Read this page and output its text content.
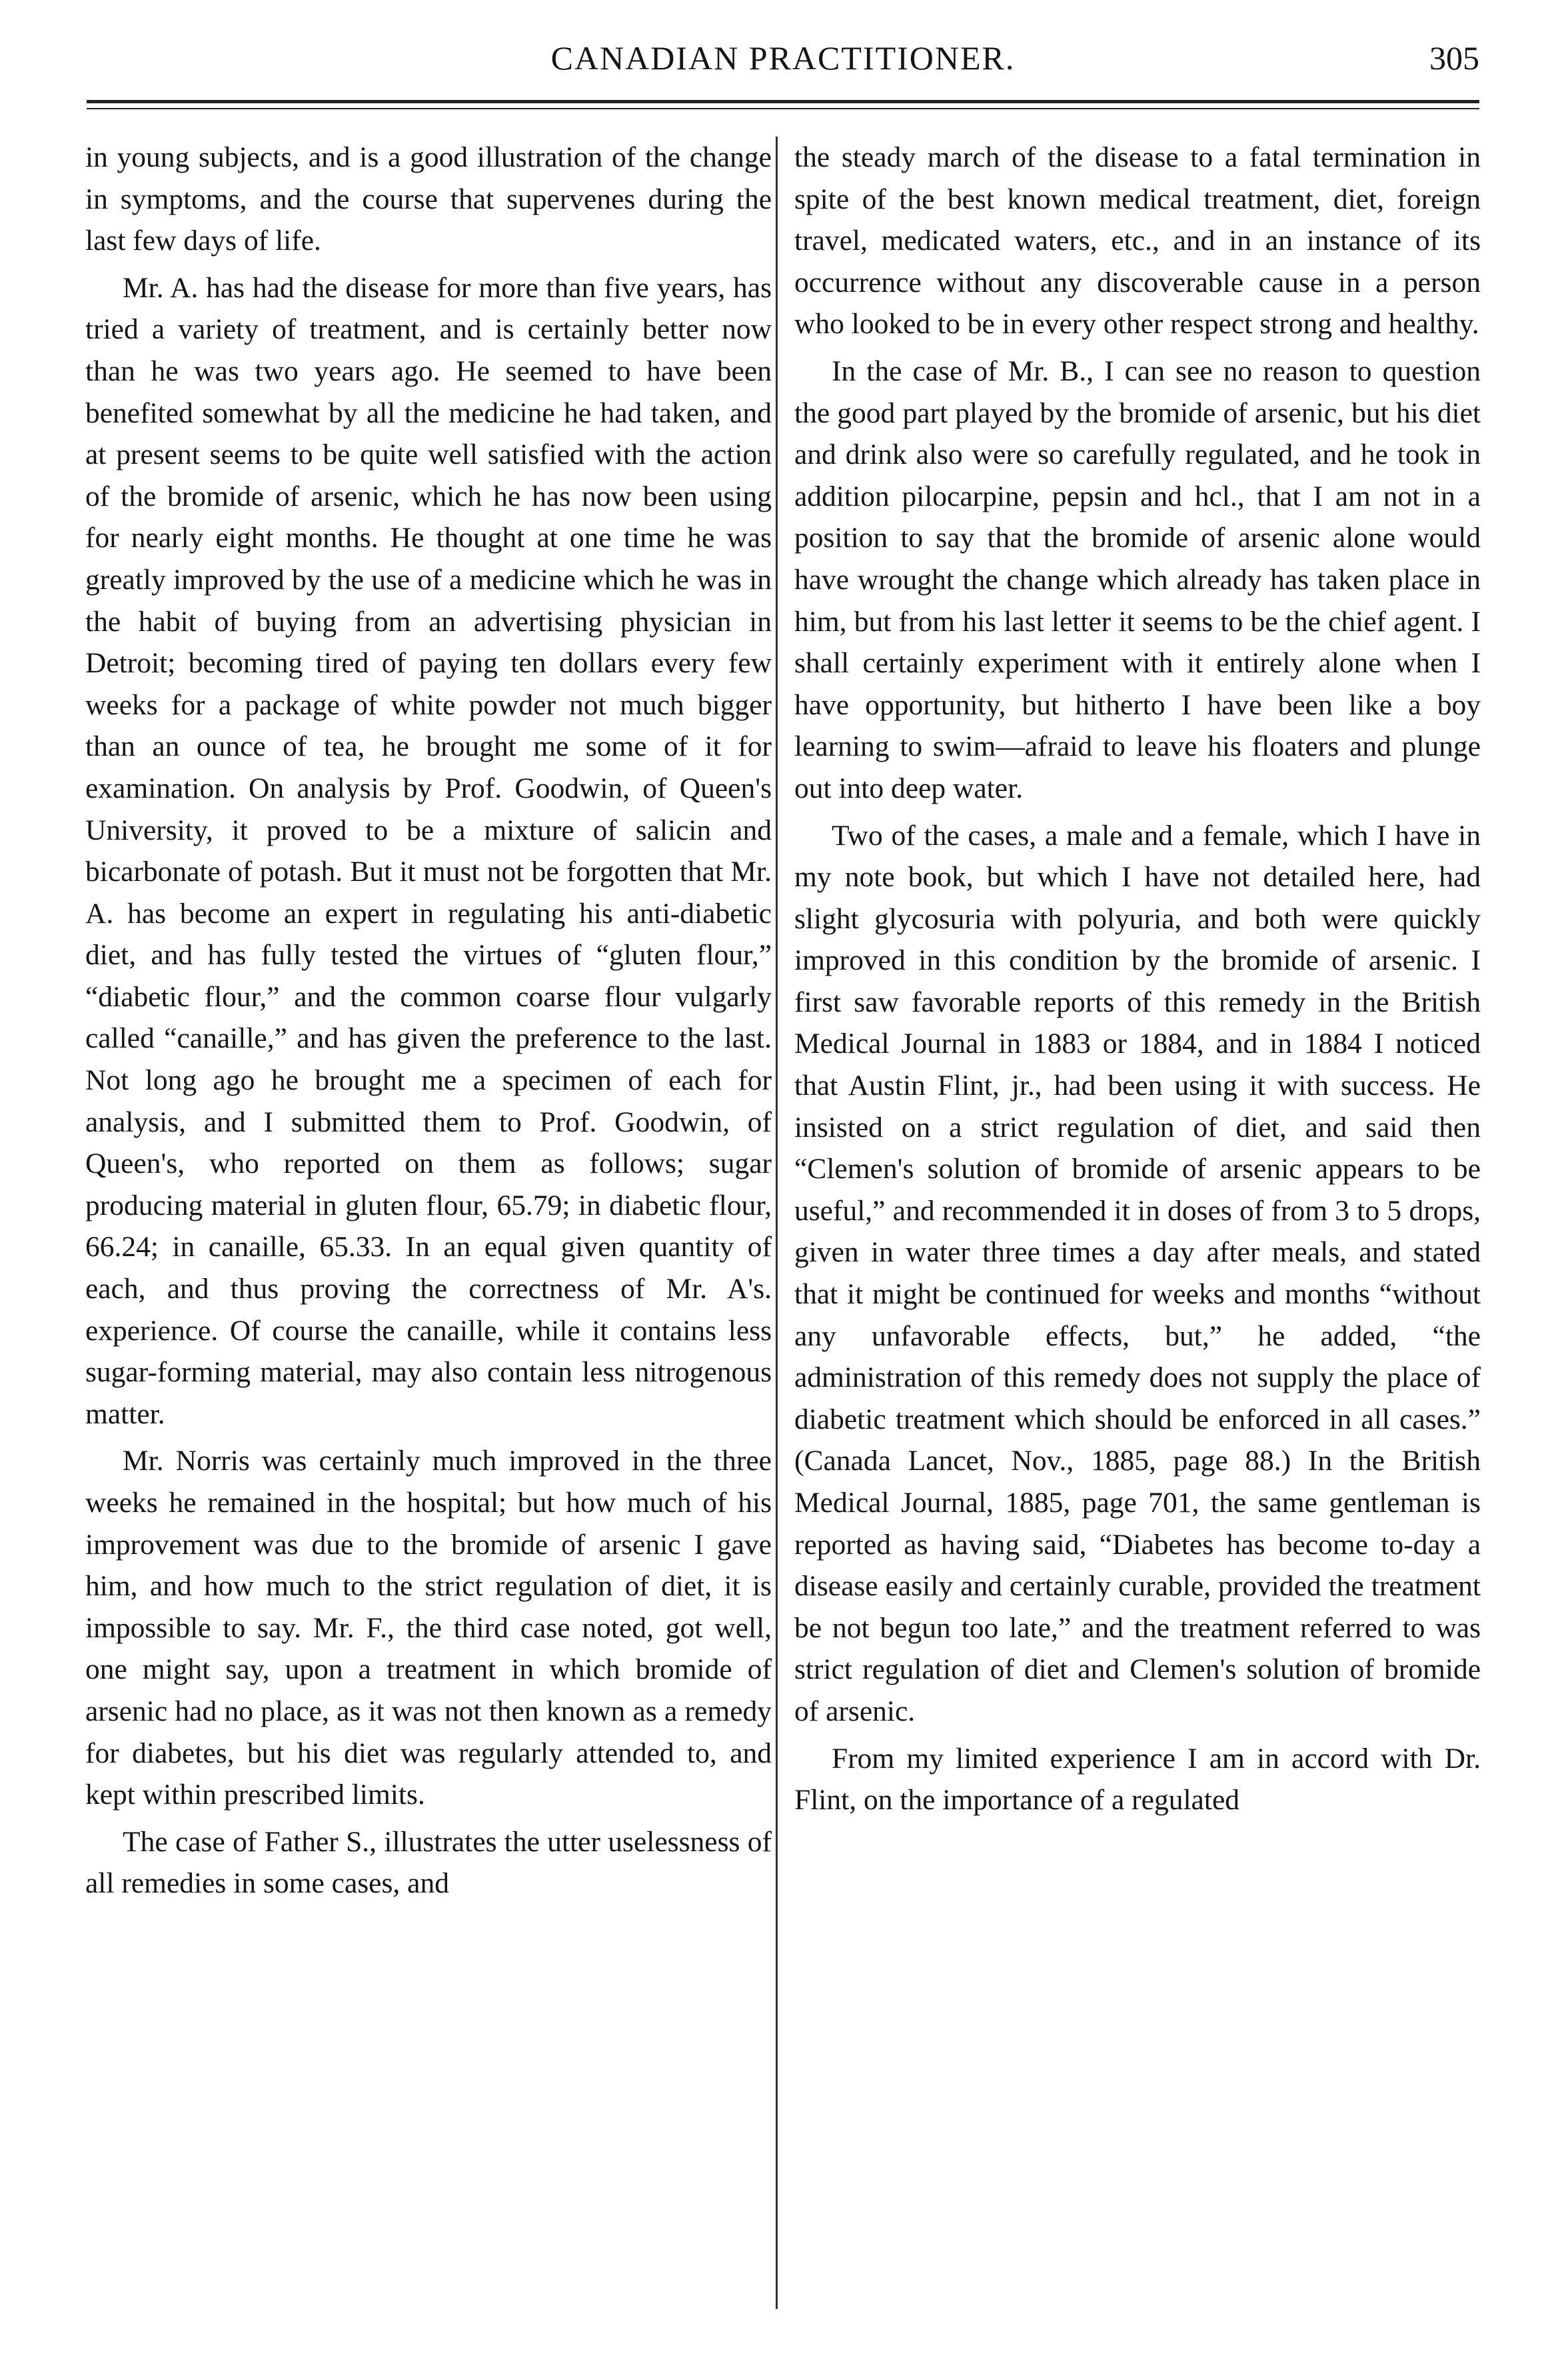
CANADIAN PRACTITIONER.	305

in young subjects, and is a good illustration of the change in symptoms, and the course that supervenes during the last few days of life.

Mr. A. has had the disease for more than five years, has tried a variety of treatment, and is certainly better now than he was two years ago. He seemed to have been benefited somewhat by all the medicine he had taken, and at present seems to be quite well satisfied with the action of the bromide of arsenic, which he has now been using for nearly eight months. He thought at one time he was greatly improved by the use of a medicine which he was in the habit of buying from an advertising physician in Detroit; becoming tired of paying ten dollars every few weeks for a package of white powder not much bigger than an ounce of tea, he brought me some of it for examination. On analysis by Prof. Goodwin, of Queen's University, it proved to be a mixture of salicin and bicarbonate of potash. But it must not be forgotten that Mr. A. has become an expert in regulating his anti-diabetic diet, and has fully tested the virtues of “gluten flour,” “diabetic flour,” and the common coarse flour vulgarly called “canaille,” and has given the preference to the last. Not long ago he brought me a specimen of each for analysis, and I submitted them to Prof. Goodwin, of Queen's, who reported on them as follows; sugar producing material in gluten flour, 65.79; in diabetic flour, 66.24; in canaille, 65.33. In an equal given quantity of each, and thus proving the correctness of Mr. A's. experience. Of course the canaille, while it contains less sugar-forming material, may also contain less nitrogenous matter.

Mr. Norris was certainly much improved in the three weeks he remained in the hospital; but how much of his improvement was due to the bromide of arsenic I gave him, and how much to the strict regulation of diet, it is impossible to say. Mr. F., the third case noted, got well, one might say, upon a treatment in which bromide of arsenic had no place, as it was not then known as a remedy for diabetes, but his diet was regularly attended to, and kept within prescribed limits.

The case of Father S., illustrates the utter uselessness of all remedies in some cases, and

the steady march of the disease to a fatal termination in spite of the best known medical treatment, diet, foreign travel, medicated waters, etc., and in an instance of its occurrence without any discoverable cause in a person who looked to be in every other respect strong and healthy.

In the case of Mr. B., I can see no reason to question the good part played by the bromide of arsenic, but his diet and drink also were so carefully regulated, and he took in addition pilocarpine, pepsin and hcl., that I am not in a position to say that the bromide of arsenic alone would have wrought the change which already has taken place in him, but from his last letter it seems to be the chief agent. I shall certainly experiment with it entirely alone when I have opportunity, but hitherto I have been like a boy learning to swim—afraid to leave his floaters and plunge out into deep water.

Two of the cases, a male and a female, which I have in my note book, but which I have not detailed here, had slight glycosuria with polyuria, and both were quickly improved in this condition by the bromide of arsenic. I first saw favorable reports of this remedy in the British Medical Journal in 1883 or 1884, and in 1884 I noticed that Austin Flint, jr., had been using it with success. He insisted on a strict regulation of diet, and said then “Clemen's solution of bromide of arsenic appears to be useful,” and recommended it in doses of from 3 to 5 drops, given in water three times a day after meals, and stated that it might be continued for weeks and months “without any unfavorable effects, but,” he added, “the administration of this remedy does not supply the place of diabetic treatment which should be enforced in all cases.” (Canada Lancet, Nov., 1885, page 88.) In the British Medical Journal, 1885, page 701, the same gentleman is reported as having said, “Diabetes has become to-day a disease easily and certainly curable, provided the treatment be not begun too late,” and the treatment referred to was strict regulation of diet and Clemen's solution of bromide of arsenic.

From my limited experience I am in accord with Dr. Flint, on the importance of a regulated
